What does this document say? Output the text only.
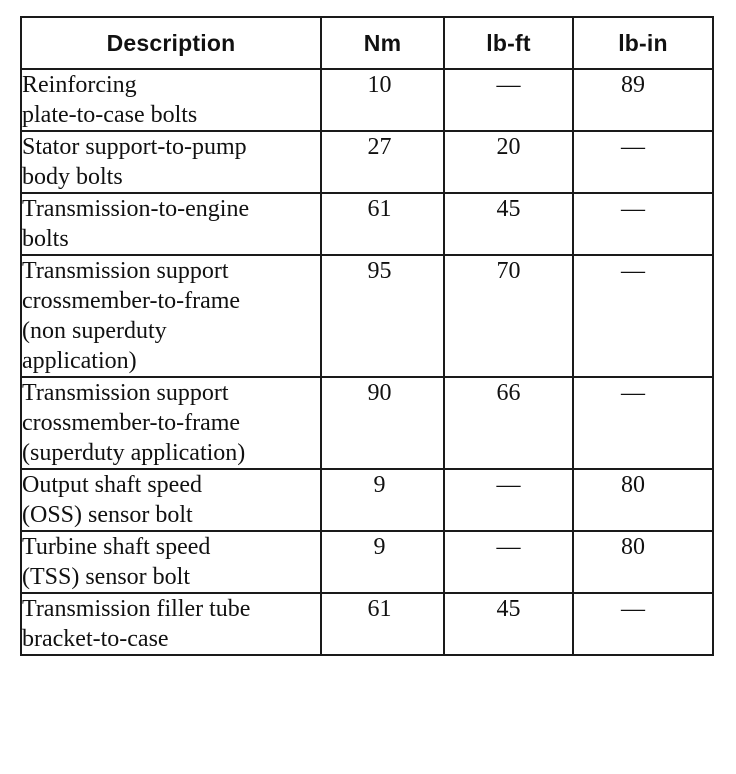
Description	Nm	lb-ft	lb-in

Reinforcing
plate-to-case bolts	10	—	89

Stator support-to-pump
body bolts	27	20	—

Transmission-to-engine
bolts	61	45	—

Transmission support
crossmember-to-frame
(non superduty
application)	95	70	—

Transmission support
crossmember-to-frame
(superduty application)	90	66	—

Output shaft speed
(OSS) sensor bolt	9	—	80

Turbine shaft speed
(TSS) sensor bolt	9	—	80

Transmission filler tube
bracket-to-case	61	45	—
